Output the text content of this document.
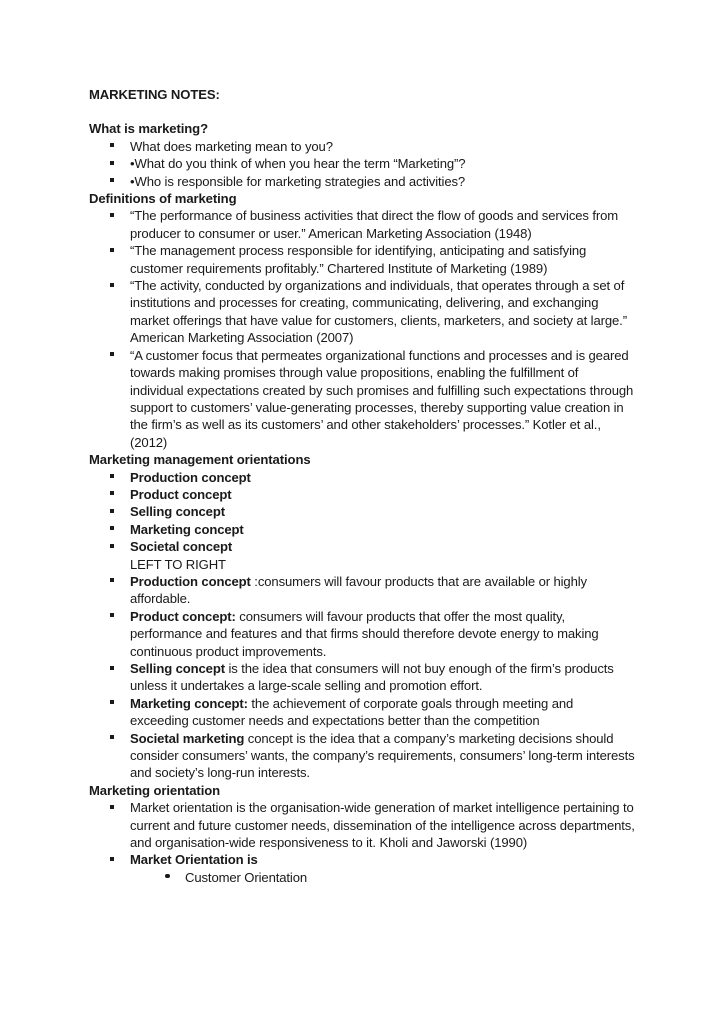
MARKETING NOTES:
What is marketing?
What does marketing mean to you?
•What do you think of when you hear the term “Marketing”?
•Who is responsible for marketing strategies and activities?
Definitions of marketing
“The performance of business activities that direct the flow of goods and services from producer to consumer or user.” American Marketing Association (1948)
“The management process responsible for identifying, anticipating and satisfying customer requirements profitably.” Chartered Institute of Marketing (1989)
“The activity, conducted by organizations and individuals, that operates through a set of institutions and processes for creating, communicating, delivering, and exchanging market offerings that have value for customers, clients, marketers, and society at large.” American Marketing Association (2007)
“A customer focus that permeates organizational functions and processes and is geared towards making promises through value propositions, enabling the fulfillment of individual expectations created by such promises and fulfilling such expectations through support to customers’ value-generating processes, thereby supporting value creation in the firm’s as well as its customers’ and other stakeholders’ processes.” Kotler et al., (2012)
Marketing management orientations
Production concept
Product concept
Selling concept
Marketing concept
Societal concept
LEFT TO RIGHT
Production concept :consumers will favour products that are available or highly affordable.
Product concept: consumers will favour products that offer the most quality, performance and features and that firms should therefore devote energy to making continuous product improvements.
Selling concept is the idea that consumers will not buy enough of the firm’s products unless it undertakes a large-scale selling and promotion effort.
Marketing concept: the achievement of corporate goals through meeting and exceeding customer needs and expectations better than the competition
Societal marketing concept is the idea that a company’s marketing decisions should consider consumers’ wants, the company’s requirements, consumers’ long-term interests and society’s long-run interests.
Marketing orientation
Market orientation is the organisation-wide generation of market intelligence pertaining to current and future customer needs, dissemination of the intelligence across departments, and organisation-wide responsiveness to it. Kholi and Jaworski (1990)
Market Orientation is
Customer Orientation
